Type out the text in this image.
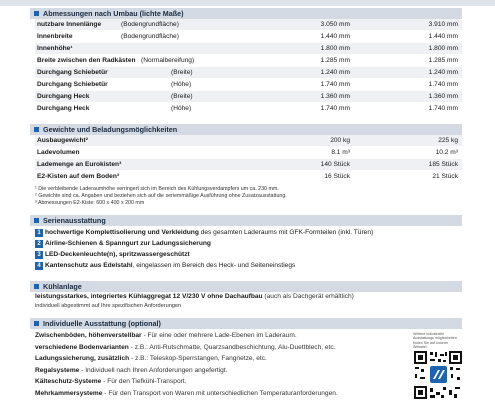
Abmessungen nach Umbau (lichte Maße)
nutzbare Innenlänge	(Bodengrundfläche)	3.050 mm	3.910 mm
Innenbreite	(Bodengrundfläche)	1.440 mm	1.440 mm
Innenhöhe¹	1.800 mm	1.800 mm
Breite zwischen den Radkästen (Normalbereifung)	1.285 mm	1.285 mm
Durchgang Schiebetür	(Breite)	1.240 mm	1.240 mm
Durchgang Schiebetür	(Höhe)	1.740 mm	1.740 mm
Durchgang Heck	(Breite)	1.360 mm	1.360 mm
Durchgang Heck	(Höhe)	1.740 mm	1.740 mm
Gewichte und Beladungsmöglichkeiten
Ausbaugewicht²	200 kg	225 kg
Ladevolumen	8.1 m³	10.2 m³
Lademenge an Eurokisten³	140 Stück	185 Stück
E2-Kisten auf dem Boden³	16 Stück	21 Stück
¹ Die verbleibende Laderaumhöhe verringert sich im Bereich des Kühlungsverdampfers um ca. 230 mm.
² Gewichte sind ca. Angaben und beziehen sich auf die seriemmäßige Ausführung ohne Zusatzausstattung.
³ Abmessungen E2-Kiste: 600 x 400 x 200 mm
Serienausstattung
1 hochwertige Komplettisolierung und Verkleidung des gesamten Laderaums mit GFK-Formteilen (inkl. Türen)
2 Airline-Schienen & Spanngurt zur Ladungssicherung
3 LED-Deckenleuchte(n), spritzwassergeschützt
4 Kantenschutz aus Edelstahl, eingelassen im Bereich des Heck- und Seiteneinstiegs
Kühlanlage
leistungsstarkes, integriertes Kühlaggregat 12 V/230 V ohne Dachaufbau (auch als Dachgerät erhältlich)
individuell abgestimmt auf Ihre spezifischen Anforderungen
Individuelle Ausstattung (optional)
Zwischenböden, höhenverstellbar - Für eine oder mehrere Lade-Ebenen im Laderaum.
verschiedene Bodenvarianten - z.B.: Anti-Rutschmatte, Quarzsandbeschichtung, Alu-Duettblech, etc.
Ladungssicherung, zusätzlich - z.B.: Teleskop-Sperrstangen, Fangnetze, etc.
Regalsysteme - Individuell nach Ihren Anforderungen angefertigt.
Kälteschutz-Systeme - Für den Tiefkühl-Transport.
Mehrkammersysteme - Für den Transport von Waren mit unterschiedlichen Temperaturanforderungen.
Weitere individuelle Ausstattungs möglichkeiten finden Sie auf unserer Website!
